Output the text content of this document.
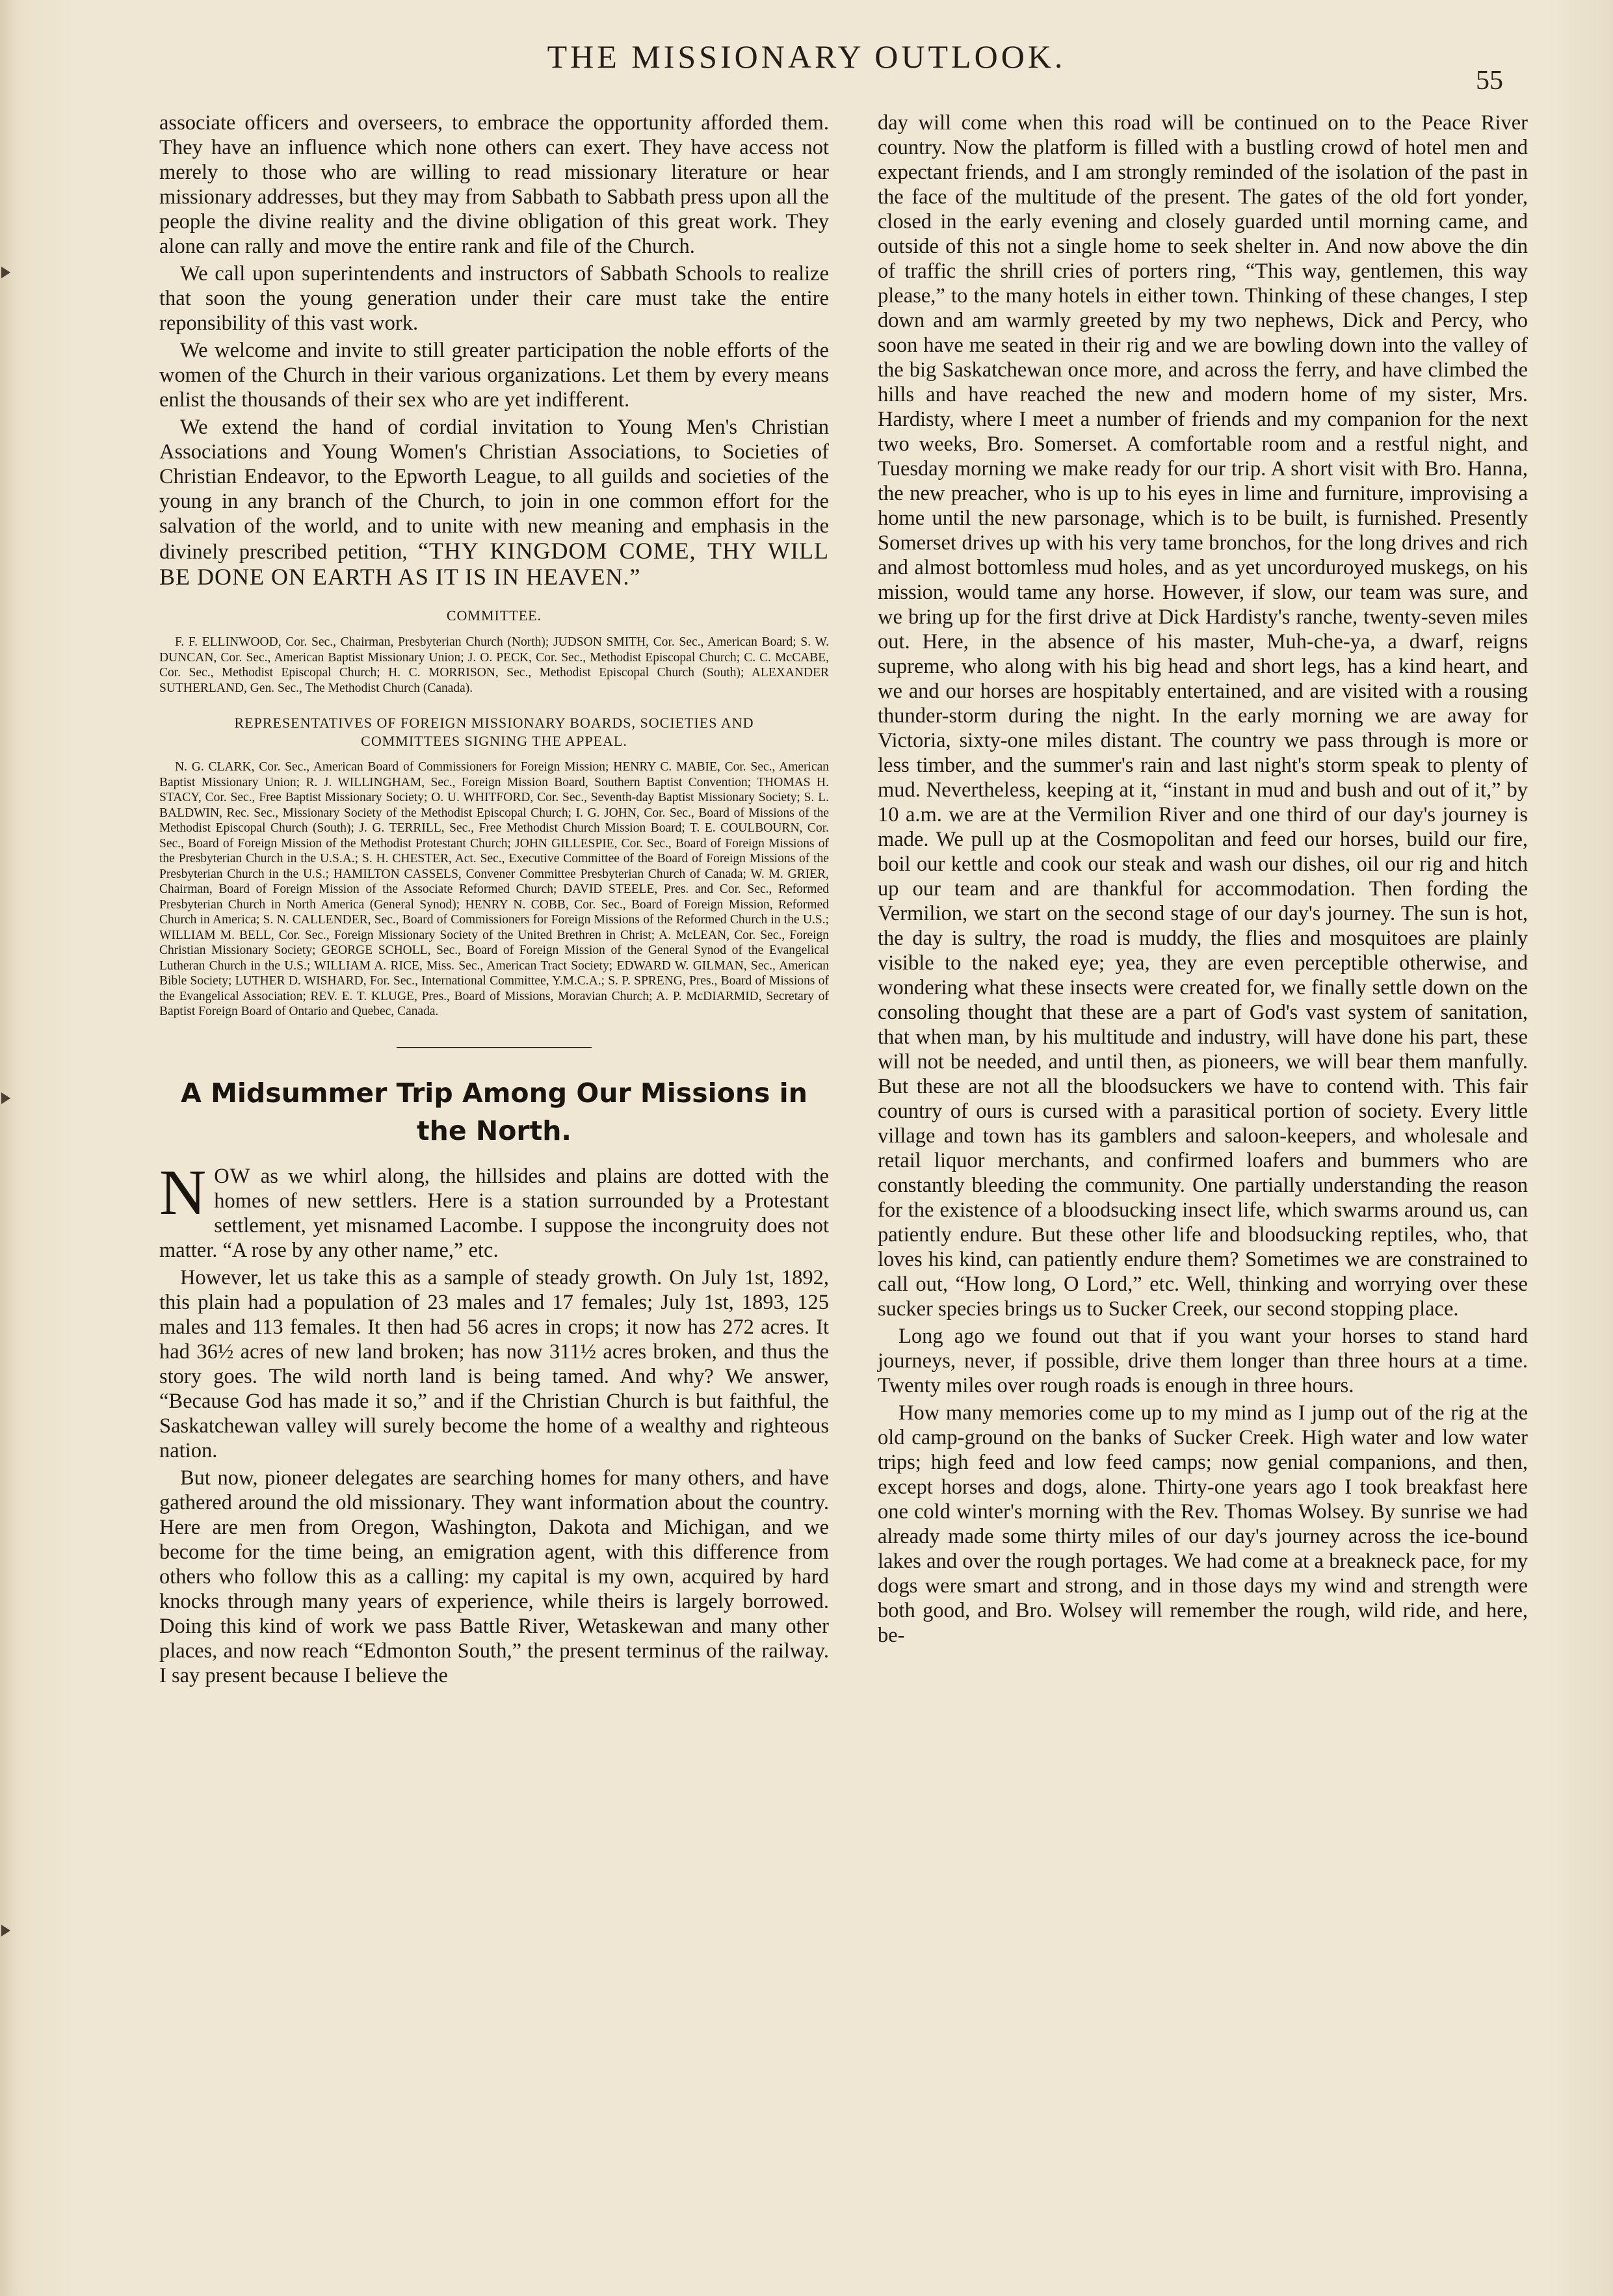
THE MISSIONARY OUTLOOK.
55

associate officers and overseers, to embrace the opportunity afforded them. They have an influence which none others can exert. They have access not merely to those who are willing to read missionary literature or hear missionary addresses, but they may from Sabbath to Sabbath press upon all the people the divine reality and the divine obligation of this great work. They alone can rally and move the entire rank and file of the Church.

We call upon superintendents and instructors of Sabbath Schools to realize that soon the young generation under their care must take the entire reponsibility of this vast work.

We welcome and invite to still greater participation the noble efforts of the women of the Church in their various organizations. Let them by every means enlist the thousands of their sex who are yet indifferent.

We extend the hand of cordial invitation to Young Men's Christian Associations and Young Women's Christian Associations, to Societies of Christian Endeavor, to the Epworth League, to all guilds and societies of the young in any branch of the Church, to join in one common effort for the salvation of the world, and to unite with new meaning and emphasis in the divinely prescribed petition, “THY KINGDOM COME, THY WILL BE DONE ON EARTH AS IT IS IN HEAVEN.”

COMMITTEE.

F. F. ELLINWOOD, Cor. Sec., Chairman, Presbyterian Church (North); JUDSON SMITH, Cor. Sec., American Board; S. W. DUNCAN, Cor. Sec., American Baptist Missionary Union; J. O. PECK, Cor. Sec., Methodist Episcopal Church; C. C. McCABE, Cor. Sec., Methodist Episcopal Church; H. C. MORRISON, Sec., Methodist Episcopal Church (South); ALEXANDER SUTHERLAND, Gen. Sec., The Methodist Church (Canada).

REPRESENTATIVES OF FOREIGN MISSIONARY BOARDS, SOCIETIES AND COMMITTEES SIGNING THE APPEAL.

N. G. CLARK, Cor. Sec., American Board of Commissioners for Foreign Mission; HENRY C. MABIE, Cor. Sec., American Baptist Missionary Union; R. J. WILLINGHAM, Sec., Foreign Mission Board, Southern Baptist Convention; THOMAS H. STACY, Cor. Sec., Free Baptist Missionary Society; O. U. WHITFORD, Cor. Sec., Seventh-day Baptist Missionary Society; S. L. BALDWIN, Rec. Sec., Missionary Society of the Methodist Episcopal Church; I. G. JOHN, Cor. Sec., Board of Missions of the Methodist Episcopal Church (South); J. G. TERRILL, Sec., Free Methodist Church Mission Board; T. E. COULBOURN, Cor. Sec., Board of Foreign Mission of the Methodist Protestant Church; JOHN GILLESPIE, Cor. Sec., Board of Foreign Missions of the Presbyterian Church in the U.S.A.; S. H. CHESTER, Act. Sec., Executive Committee of the Board of Foreign Missions of the Presbyterian Church in the U.S.; HAMILTON CASSELS, Convener Committee Presbyterian Church of Canada; W. M. GRIER, Chairman, Board of Foreign Mission of the Associate Reformed Church; DAVID STEELE, Pres. and Cor. Sec., Reformed Presbyterian Church in North America (General Synod); HENRY N. COBB, Cor. Sec., Board of Foreign Mission, Reformed Church in America; S. N. CALLENDER, Sec., Board of Commissioners for Foreign Missions of the Reformed Church in the U.S.; WILLIAM M. BELL, Cor. Sec., Foreign Missionary Society of the United Brethren in Christ; A. McLEAN, Cor. Sec., Foreign Christian Missionary Society; GEORGE SCHOLL, Sec., Board of Foreign Mission of the General Synod of the Evangelical Lutheran Church in the U.S.; WILLIAM A. RICE, Miss. Sec., American Tract Society; EDWARD W. GILMAN, Sec., American Bible Society; LUTHER D. WISHARD, For. Sec., International Committee, Y.M.C.A.; S. P. SPRENG, Pres., Board of Missions of the Evangelical Association; REV. E. T. KLUGE, Pres., Board of Missions, Moravian Church; A. P. McDIARMID, Secretary of Baptist Foreign Board of Ontario and Quebec, Canada.

A Midsummer Trip Among Our Missions in the North.

NOW as we whirl along, the hillsides and plains are dotted with the homes of new settlers. Here is a station surrounded by a Protestant settlement, yet misnamed Lacombe. I suppose the incongruity does not matter. “A rose by any other name,” etc.

However, let us take this as a sample of steady growth. On July 1st, 1892, this plain had a population of 23 males and 17 females; July 1st, 1893, 125 males and 113 females. It then had 56 acres in crops; it now has 272 acres. It had 36½ acres of new land broken; has now 311½ acres broken, and thus the story goes. The wild north land is being tamed. And why? We answer, “Because God has made it so,” and if the Christian Church is but faithful, the Saskatchewan valley will surely become the home of a wealthy and righteous nation.

But now, pioneer delegates are searching homes for many others, and have gathered around the old missionary. They want information about the country. Here are men from Oregon, Washington, Dakota and Michigan, and we become for the time being, an emigration agent, with this difference from others who follow this as a calling: my capital is my own, acquired by hard knocks through many years of experience, while theirs is largely borrowed. Doing this kind of work we pass Battle River, Wetaskewan and many other places, and now reach “Edmonton South,” the present terminus of the railway. I say present because I believe the

day will come when this road will be continued on to the Peace River country. Now the platform is filled with a bustling crowd of hotel men and expectant friends, and I am strongly reminded of the isolation of the past in the face of the multitude of the present. The gates of the old fort yonder, closed in the early evening and closely guarded until morning came, and outside of this not a single home to seek shelter in. And now above the din of traffic the shrill cries of porters ring, “This way, gentlemen, this way please,” to the many hotels in either town. Thinking of these changes, I step down and am warmly greeted by my two nephews, Dick and Percy, who soon have me seated in their rig and we are bowling down into the valley of the big Saskatchewan once more, and across the ferry, and have climbed the hills and have reached the new and modern home of my sister, Mrs. Hardisty, where I meet a number of friends and my companion for the next two weeks, Bro. Somerset. A comfortable room and a restful night, and Tuesday morning we make ready for our trip. A short visit with Bro. Hanna, the new preacher, who is up to his eyes in lime and furniture, improvising a home until the new parsonage, which is to be built, is furnished. Presently Somerset drives up with his very tame bronchos, for the long drives and rich and almost bottomless mud holes, and as yet uncorduroyed muskegs, on his mission, would tame any horse. However, if slow, our team was sure, and we bring up for the first drive at Dick Hardisty's ranche, twenty-seven miles out. Here, in the absence of his master, Muh-che-ya, a dwarf, reigns supreme, who along with his big head and short legs, has a kind heart, and we and our horses are hospitably entertained, and are visited with a rousing thunder-storm during the night. In the early morning we are away for Victoria, sixty-one miles distant. The country we pass through is more or less timber, and the summer's rain and last night's storm speak to plenty of mud. Nevertheless, keeping at it, “instant in mud and bush and out of it,” by 10 a.m. we are at the Vermilion River and one third of our day's journey is made. We pull up at the Cosmopolitan and feed our horses, build our fire, boil our kettle and cook our steak and wash our dishes, oil our rig and hitch up our team and are thankful for accommodation. Then fording the Vermilion, we start on the second stage of our day's journey. The sun is hot, the day is sultry, the road is muddy, the flies and mosquitoes are plainly visible to the naked eye; yea, they are even perceptible otherwise, and wondering what these insects were created for, we finally settle down on the consoling thought that these are a part of God's vast system of sanitation, that when man, by his multitude and industry, will have done his part, these will not be needed, and until then, as pioneers, we will bear them manfully. But these are not all the bloodsuckers we have to contend with. This fair country of ours is cursed with a parasitical portion of society. Every little village and town has its gamblers and saloon-keepers, and wholesale and retail liquor merchants, and confirmed loafers and bummers who are constantly bleeding the community. One partially understanding the reason for the existence of a bloodsucking insect life, which swarms around us, can patiently endure. But these other life and bloodsucking reptiles, who, that loves his kind, can patiently endure them? Sometimes we are constrained to call out, “How long, O Lord,” etc. Well, thinking and worrying over these sucker species brings us to Sucker Creek, our second stopping place.

Long ago we found out that if you want your horses to stand hard journeys, never, if possible, drive them longer than three hours at a time. Twenty miles over rough roads is enough in three hours.

How many memories come up to my mind as I jump out of the rig at the old camp-ground on the banks of Sucker Creek. High water and low water trips; high feed and low feed camps; now genial companions, and then, except horses and dogs, alone. Thirty-one years ago I took breakfast here one cold winter's morning with the Rev. Thomas Wolsey. By sunrise we had already made some thirty miles of our day's journey across the ice-bound lakes and over the rough portages. We had come at a breakneck pace, for my dogs were smart and strong, and in those days my wind and strength were both good, and Bro. Wolsey will remember the rough, wild ride, and here, be-
